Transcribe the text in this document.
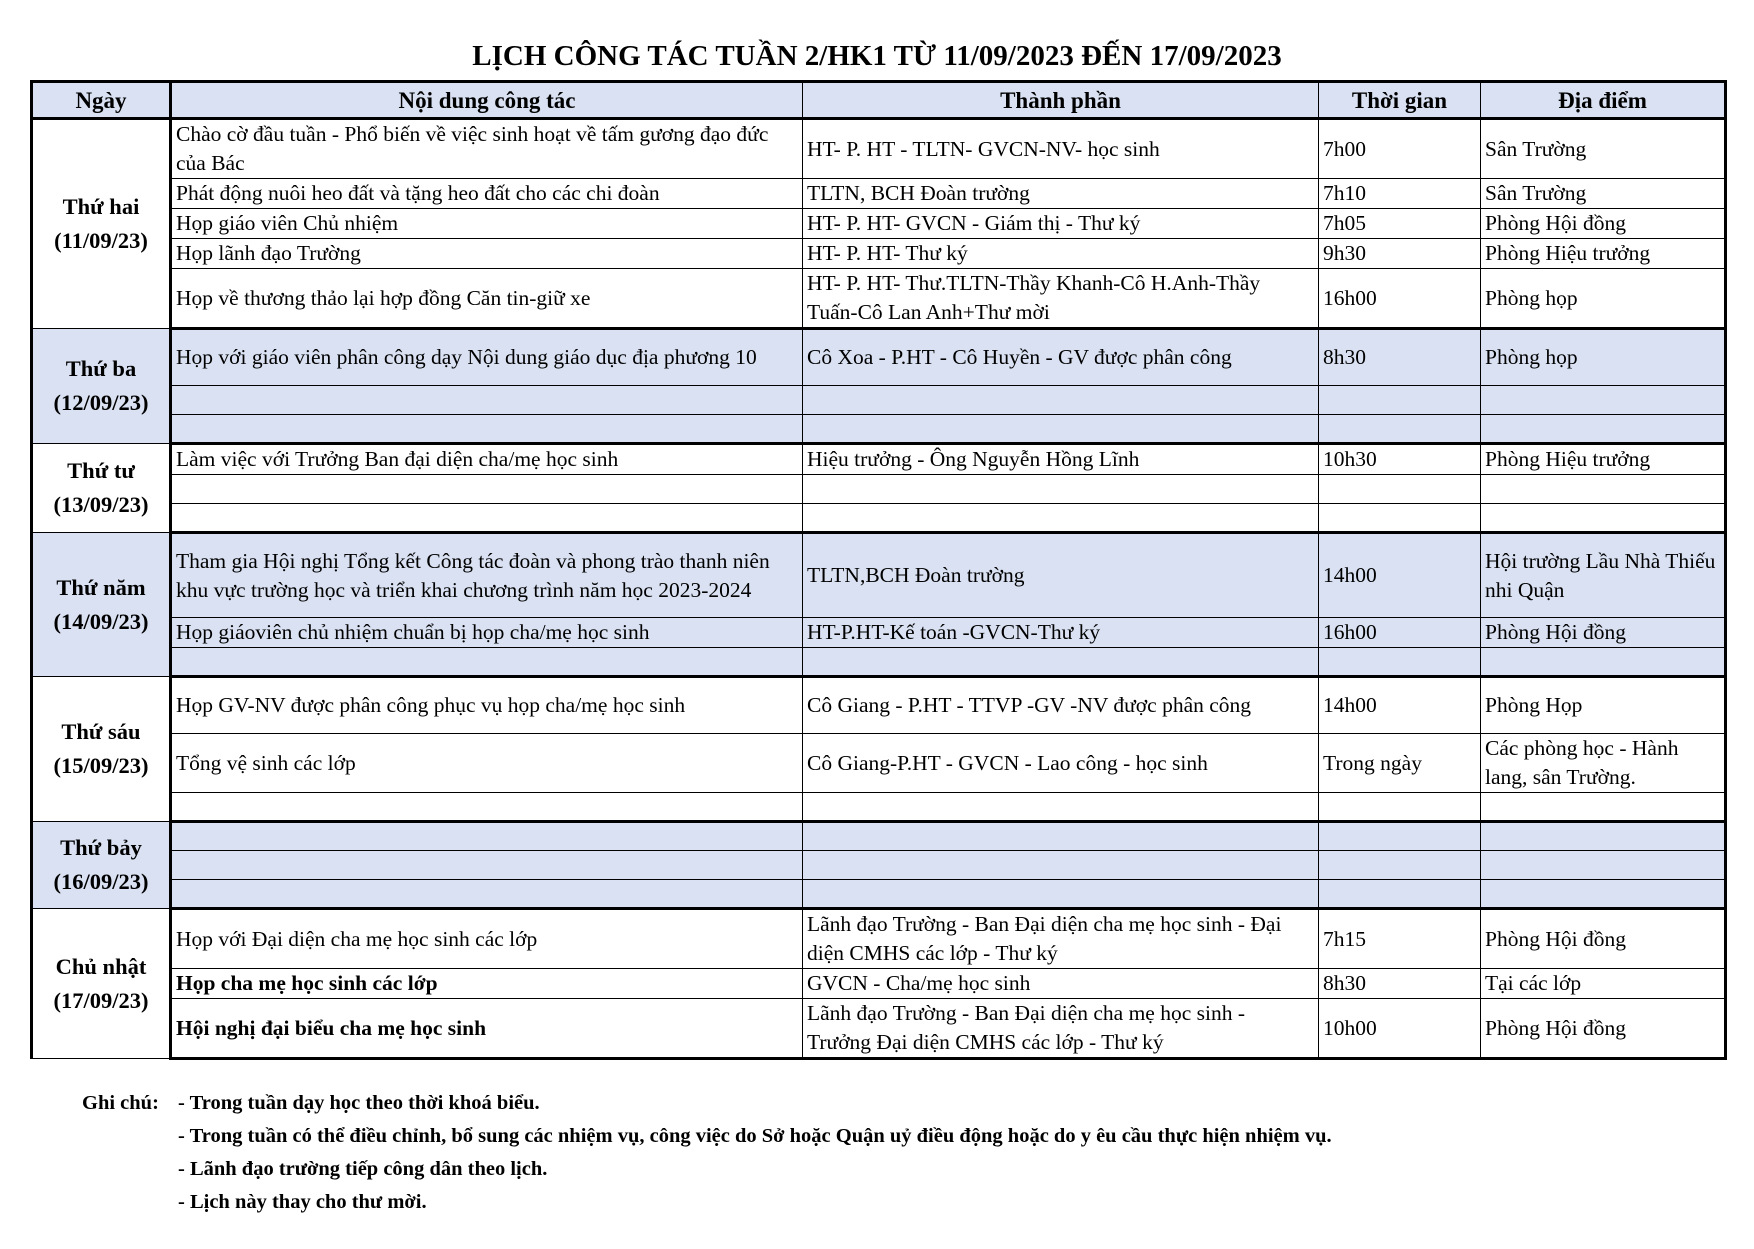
LỊCH CÔNG TÁC TUẦN 2/HK1 TỪ 11/09/2023 ĐẾN 17/09/2023
Ngày	Nội dung công tác	Thành phần	Thời gian	Địa điểm

Thứ hai
(11/09/23)	Chào cờ đầu tuần - Phổ biến về việc sinh hoạt về tấm gương đạo đức của Bác	HT- P. HT - TLTN- GVCN-NV- học sinh	7h00	Sân Trường
	Phát động nuôi heo đất và tặng heo đất cho các chi đoàn	TLTN, BCH Đoàn trường	7h10	Sân Trường
	Họp giáo viên Chủ nhiệm	HT- P. HT- GVCN - Giám thị - Thư ký	7h05	Phòng Hội đồng
	Họp lãnh đạo Trường	HT- P. HT- Thư ký	9h30	Phòng Hiệu trưởng
	Họp về thương thảo lại hợp đồng Căn tin-giữ xe	HT- P. HT- Thư.TLTN-Thầy Khanh-Cô H.Anh-Thầy Tuấn-Cô Lan Anh+Thư mời	16h00	Phòng họp

Thứ ba
(12/09/23)	Họp với giáo viên phân công dạy Nội dung giáo dục địa phương 10	Cô Xoa - P.HT - Cô Huyền - GV được phân công	8h30	Phòng họp

Thứ tư
(13/09/23)	Làm việc với Trưởng Ban đại diện cha/mẹ học sinh	Hiệu trưởng - Ông Nguyễn Hồng Lĩnh	10h30	Phòng Hiệu trưởng

Thứ năm
(14/09/23)	Tham gia Hội nghị Tổng kết Công tác đoàn và phong trào thanh niên khu vực trường học và triển khai chương trình năm học 2023-2024	TLTN,BCH Đoàn trường	14h00	Hội trường Lầu Nhà Thiếu nhi Quận
	Họp giáoviên chủ nhiệm chuẩn bị họp cha/mẹ học sinh	HT-P.HT-Kế toán -GVCN-Thư ký	16h00	Phòng Hội đồng

Thứ sáu
(15/09/23)	Họp GV-NV được phân công phục vụ họp cha/mẹ học sinh	Cô Giang - P.HT - TTVP -GV -NV được phân công	14h00	Phòng Họp
	Tổng vệ sinh các lớp	Cô Giang-P.HT - GVCN - Lao công - học sinh	Trong ngày	Các phòng học - Hành lang, sân Trường.

Thứ bảy
(16/09/23)				

Chủ nhật
(17/09/23)	Họp với Đại diện cha mẹ học sinh các lớp	Lãnh đạo Trường - Ban Đại diện cha mẹ học sinh - Đại diện CMHS các lớp - Thư ký	7h15	Phòng Hội đồng
	Họp cha mẹ học sinh các lớp	GVCN - Cha/mẹ học sinh	8h30	Tại các lớp
	Hội nghị đại biểu cha mẹ học sinh	Lãnh đạo Trường - Ban Đại diện cha mẹ học sinh - Trưởng Đại diện CMHS các lớp - Thư ký	10h00	Phòng Hội đồng
Ghi chú: - Trong tuần dạy học theo thời khoá biểu.
- Trong tuần có thể điều chỉnh, bổ sung các nhiệm vụ, công việc do Sở hoặc Quận uỷ điều động hoặc do y êu cầu thực hiện nhiệm vụ.
- Lãnh đạo trường tiếp công dân theo lịch.
- Lịch này thay cho thư mời.
